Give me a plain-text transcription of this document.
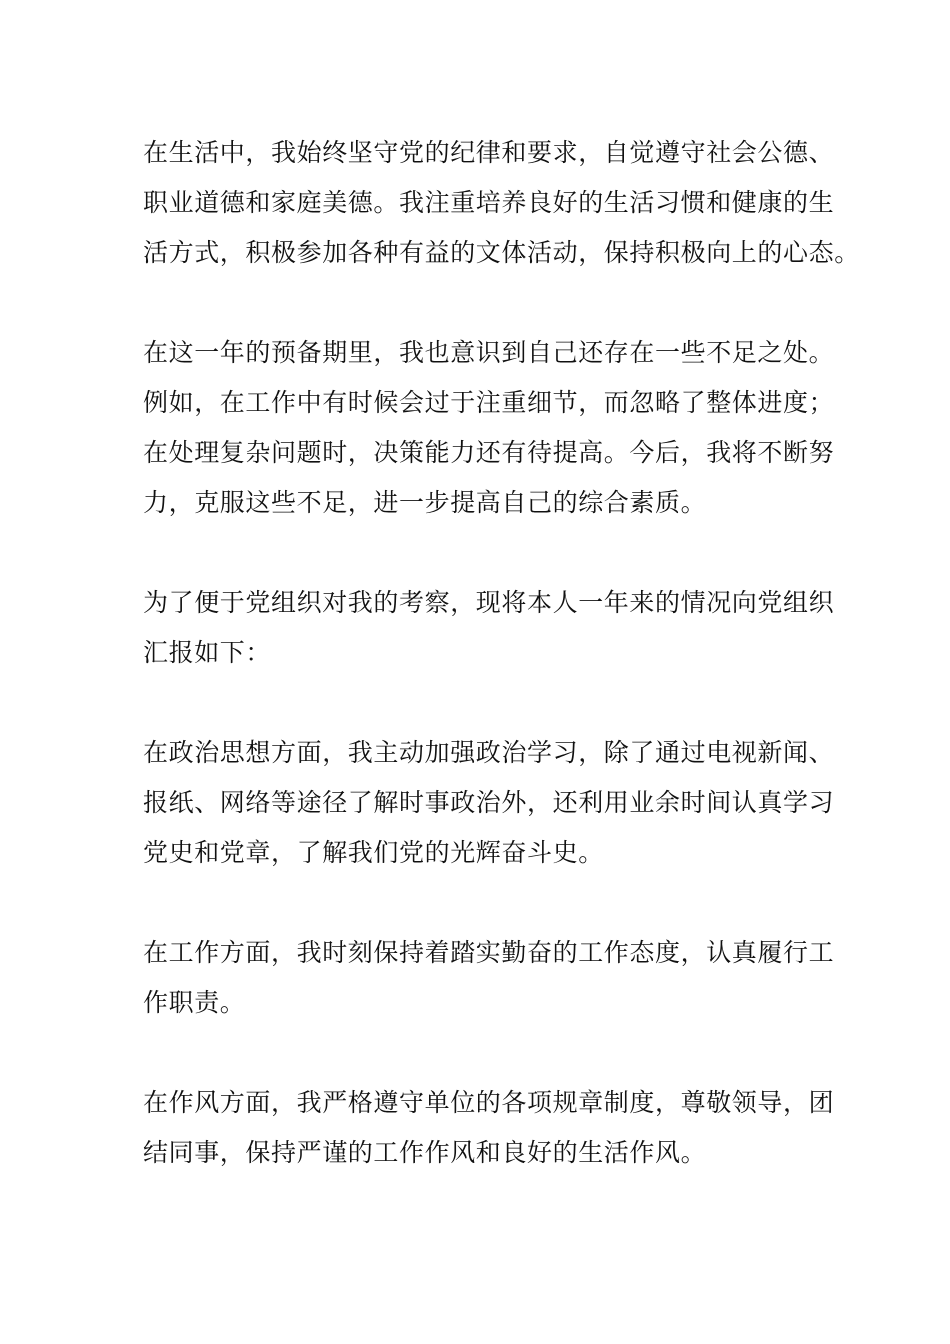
在生活中，我始终坚守党的纪律和要求，自觉遵守社会公德、
职业道德和家庭美德。我注重培养良好的生活习惯和健康的生
活方式，积极参加各种有益的文体活动，保持积极向上的心态。

在这一年的预备期里，我也意识到自己还存在一些不足之处。
例如，在工作中有时候会过于注重细节，而忽略了整体进度；
在处理复杂问题时，决策能力还有待提高。今后，我将不断努
力，克服这些不足，进一步提高自己的综合素质。

为了便于党组织对我的考察，现将本人一年来的情况向党组织
汇报如下：

在政治思想方面，我主动加强政治学习，除了通过电视新闻、
报纸、网络等途径了解时事政治外，还利用业余时间认真学习
党史和党章，了解我们党的光辉奋斗史。

在工作方面，我时刻保持着踏实勤奋的工作态度，认真履行工
作职责。

在作风方面，我严格遵守单位的各项规章制度，尊敬领导，团
结同事，保持严谨的工作作风和良好的生活作风。
